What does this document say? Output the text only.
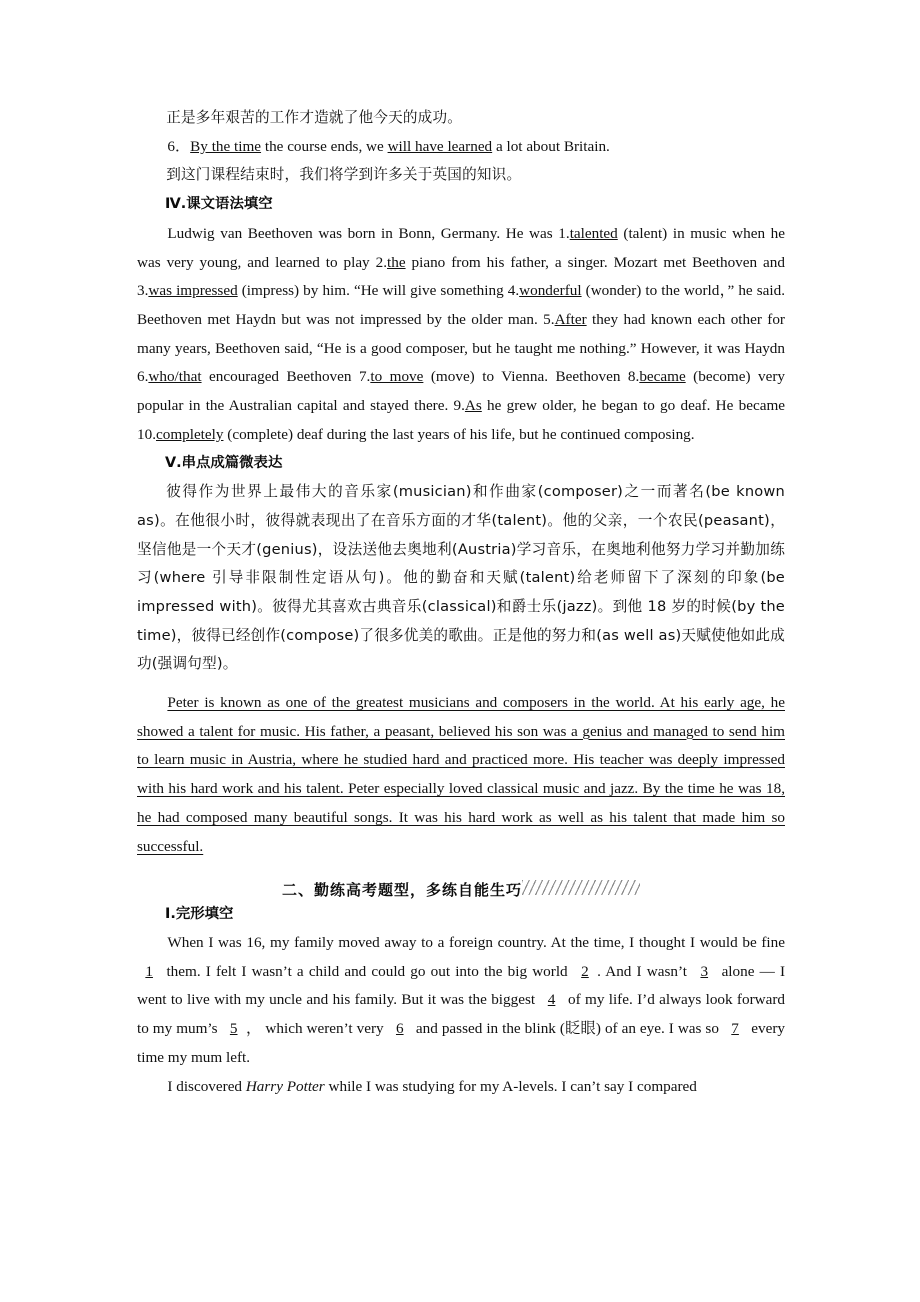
正是多年艰苦的工作才造就了他今天的成功。

6．By the time the course ends, we will have learned a lot about Britain.

到这门课程结束时，我们将学到许多关于英国的知识。

Ⅳ.课文语法填空

Ludwig van Beethoven was born in Bonn, Germany. He was 1.talented (talent) in music when he was very young, and learned to play 2.the piano from his father, a singer. Mozart met Beethoven and 3.was impressed (impress) by him. “He will give something 4.wonderful (wonder) to the world，” he said. Beethoven met Haydn but was not impressed by the older man. 5.After they had known each other for many years, Beethoven said, “He is a good composer, but he taught me nothing.” However, it was Haydn 6.who/that encouraged Beethoven 7.to move (move) to Vienna. Beethoven 8.became (become) very popular in the Australian capital and stayed there. 9.As he grew older, he began to go deaf. He became 10.completely (complete) deaf during the last years of his life, but he continued composing.

Ⅴ.串点成篇微表达

彼得作为世界上最伟大的音乐家(musician)和作曲家(composer)之一而著名(be known as)。在他很小时，彼得就表现出了在音乐方面的才华(talent)。他的父亲，一个农民(peasant)，坚信他是一个天才(genius)，设法送他去奥地利(Austria)学习音乐，在奥地利他努力学习并勤加练习(where 引导非限制性定语从句)。他的勤奋和天赋(talent)给老师留下了深刻的印象(be impressed with)。彼得尤其喜欢古典音乐(classical)和爵士乐(jazz)。到他 18 岁的时候(by the time)，彼得已经创作(compose)了很多优美的歌曲。正是他的努力和(as well as)天赋使他如此成功(强调句型)。

Peter is known as one of the greatest musicians and composers in the world. At his early age, he showed a talent for music. His father, a peasant, believed his son was a genius and managed to send him to learn music in Austria, where he studied hard and practiced more. His teacher was deeply impressed with his hard work and his talent. Peter especially loved classical music and jazz. By the time he was 18, he had composed many beautiful songs. It was his hard work as well as his talent that made him so successful.

二、勤练高考题型，多练自能生巧
Ⅰ.完形填空

When I was 16, my family moved away to a foreign country. At the time, I thought I would be fine 1 them. I felt I wasn’t a child and could go out into the big world 2 . And I wasn’t 3 alone — I went to live with my uncle and his family. But it was the biggest 4 of my life. I’d always look forward to my mum’s 5 ， which weren’t very 6 and passed in the blink (眨眼) of an eye. I was so 7 every time my mum left.

I discovered Harry Potter while I was studying for my A-levels. I can’t say I compared
